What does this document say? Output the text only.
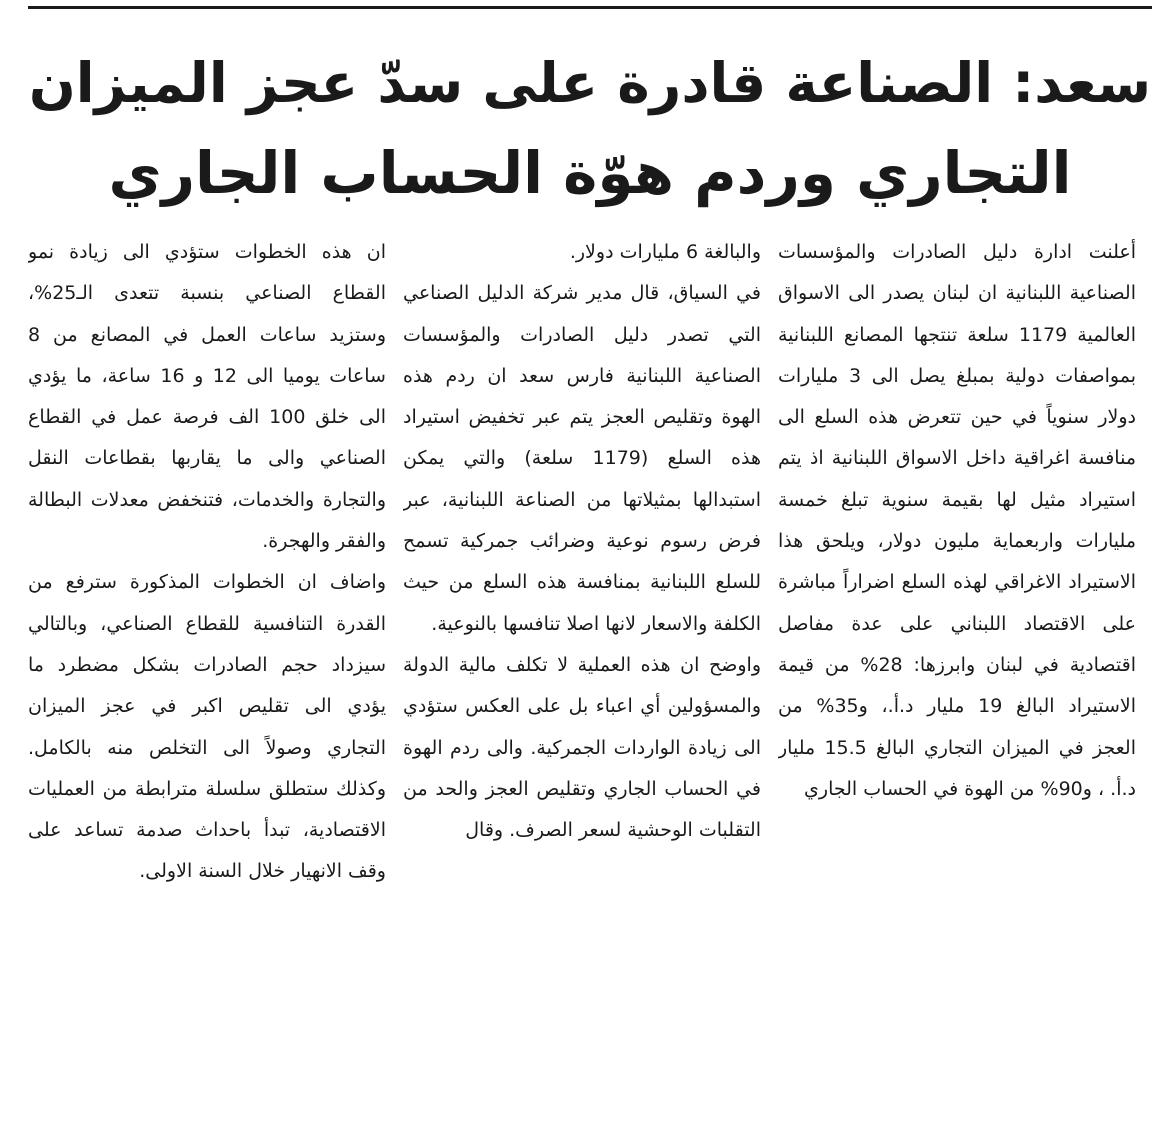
سعد: الصناعة قادرة على سدّ عجز الميزان
التجاري وردم هوّة الحساب الجاري

أعلنت ادارة دليل الصادرات والمؤسسات الصناعية اللبنانية ان لبنان يصدر الى الاسواق العالمية 1179 سلعة تنتجها المصانع اللبنانية بمواصفات دولية بمبلغ يصل الى 3 مليارات دولار سنوياً في حين تتعرض هذه السلع الى منافسة اغراقية داخل الاسواق اللبنانية اذ يتم استيراد مثيل لها بقيمة سنوية تبلغ خمسة مليارات واربعماية مليون دولار، ويلحق هذا الاستيراد الاغراقي لهذه السلع اضراراً مباشرة على الاقتصاد اللبناني على عدة مفاصل اقتصادية في لبنان وابرزها: 28% من قيمة الاستيراد البالغ 19 مليار د.أ.، و35% من العجز في الميزان التجاري البالغ 15.5 مليار د.أ. ، و90% من الهوة في الحساب الجاري

والبالغة 6 مليارات دولار.

في السياق، قال مدير شركة الدليل الصناعي التي تصدر دليل الصادرات والمؤسسات الصناعية اللبنانية فارس سعد ان ردم هذه الهوة وتقليص العجز يتم عبر تخفيض استيراد هذه السلع (1179 سلعة) والتي يمكن استبدالها بمثيلاتها من الصناعة اللبنانية، عبر فرض رسوم نوعية وضرائب جمركية تسمح للسلع اللبنانية بمنافسة هذه السلع من حيث الكلفة والاسعار لانها اصلا تنافسها بالنوعية.

واوضح ان هذه العملية لا تكلف مالية الدولة والمسؤولين أي اعباء بل على العكس ستؤدي الى زيادة الواردات الجمركية. والى ردم الهوة في الحساب الجاري وتقليص العجز والحد من التقلبات الوحشية لسعر الصرف. وقال

ان هذه الخطوات ستؤدي الى زيادة نمو القطاع الصناعي بنسبة تتعدى الـ25%، وستزيد ساعات العمل في المصانع من 8 ساعات يوميا الى 12 و 16 ساعة، ما يؤدي الى خلق 100 الف فرصة عمل في القطاع الصناعي والى ما يقاربها بقطاعات النقل والتجارة والخدمات، فتنخفض معدلات البطالة والفقر والهجرة.

واضاف ان الخطوات المذكورة سترفع من القدرة التنافسية للقطاع الصناعي، وبالتالي سيزداد حجم الصادرات بشكل مضطرد ما يؤدي الى تقليص اكبر في عجز الميزان التجاري وصولاً الى التخلص منه بالكامل. وكذلك ستطلق سلسلة مترابطة من العمليات الاقتصادية، تبدأ باحداث صدمة تساعد على وقف الانهيار خلال السنة الاولى.
